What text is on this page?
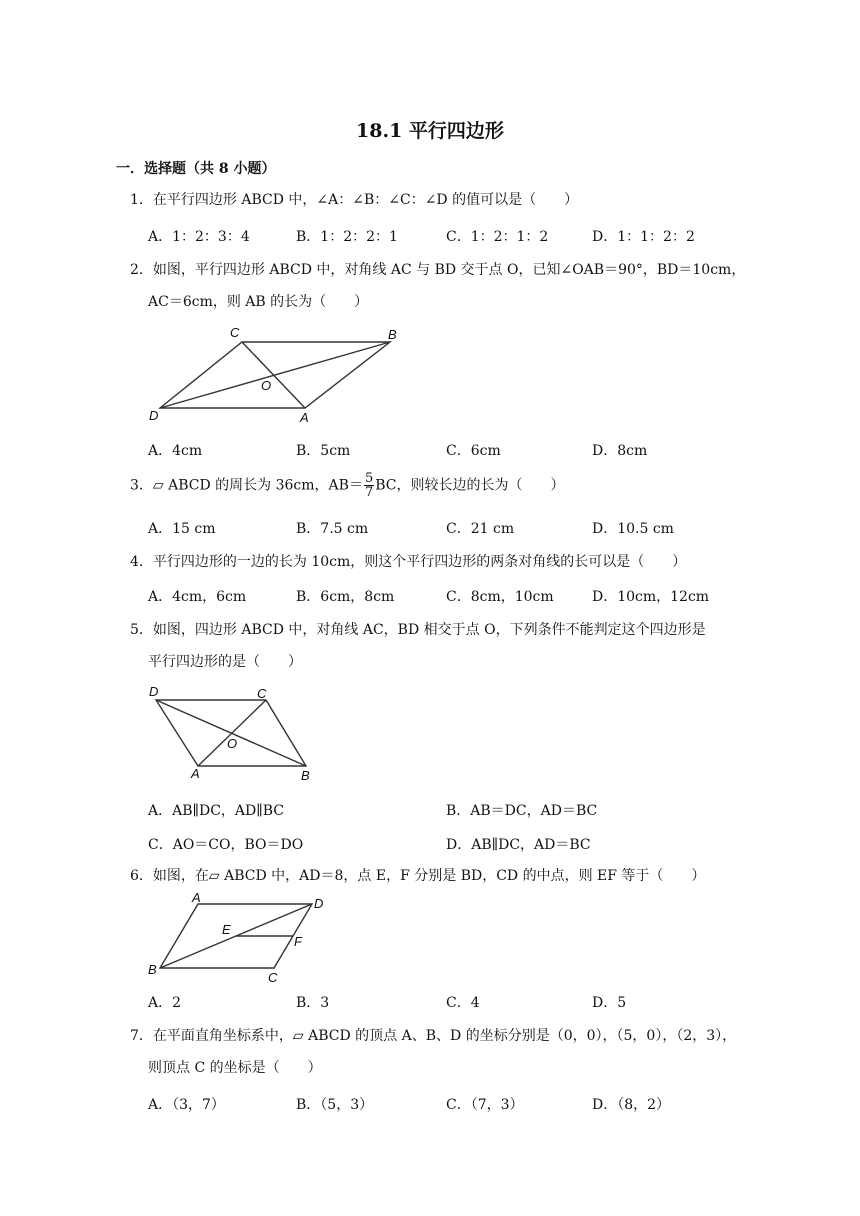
18.1 平行四边形
一．选择题（共 8 小题）
1．在平行四边形 ABCD 中，∠A：∠B：∠C：∠D 的值可以是（　　）
A．1：2：3：4	B．1：2：2：1	C．1：2：1：2	D．1：1：2：2
2．如图，平行四边形 ABCD 中，对角线 AC 与 BD 交于点 O，已知∠OAB＝90°，BD＝10cm，
AC＝6cm，则 AB 的长为（　　）
C	B
O
D	A
A．4cm	B．5cm	C．6cm	D．8cm
3．▱ ABCD 的周长为 36cm，$AB= \frac{5}{7}$ BC，则较长边的长为（　　）
A．15 cm	B．7.5 cm	C．21 cm	D．10.5 cm
4．平行四边形的一边的长为 10cm，则这个平行四边形的两条对角线的长可以是（　　）
A．4cm，6cm	B．6cm，8cm	C．8cm，10cm	D．10cm，12cm
5．如图，四边形 ABCD 中，对角线 AC，BD 相交于点 O，下列条件不能判定这个四边形是
平行四边形的是（　　）
D	C
O
A	B
A．AB∥DC，AD∥BC	B．AB＝DC，AD＝BC
C．AO＝CO，BO＝DO	D．AB∥DC，AD＝BC
6．如图，在▱ ABCD 中，AD＝8，点 E，F 分别是 BD，CD 的中点，则 EF 等于（　　）
A	D
E
F
B
C
A．2	B．3	C．4	D．5
7．在平面直角坐标系中，▱ ABCD 的顶点 A、B、D 的坐标分别是（0，0），（5，0），（2，3），
则顶点 C 的坐标是（　　）
A．（3，7）	B．（5，3）	C．（7，3）	D．（8，2）
